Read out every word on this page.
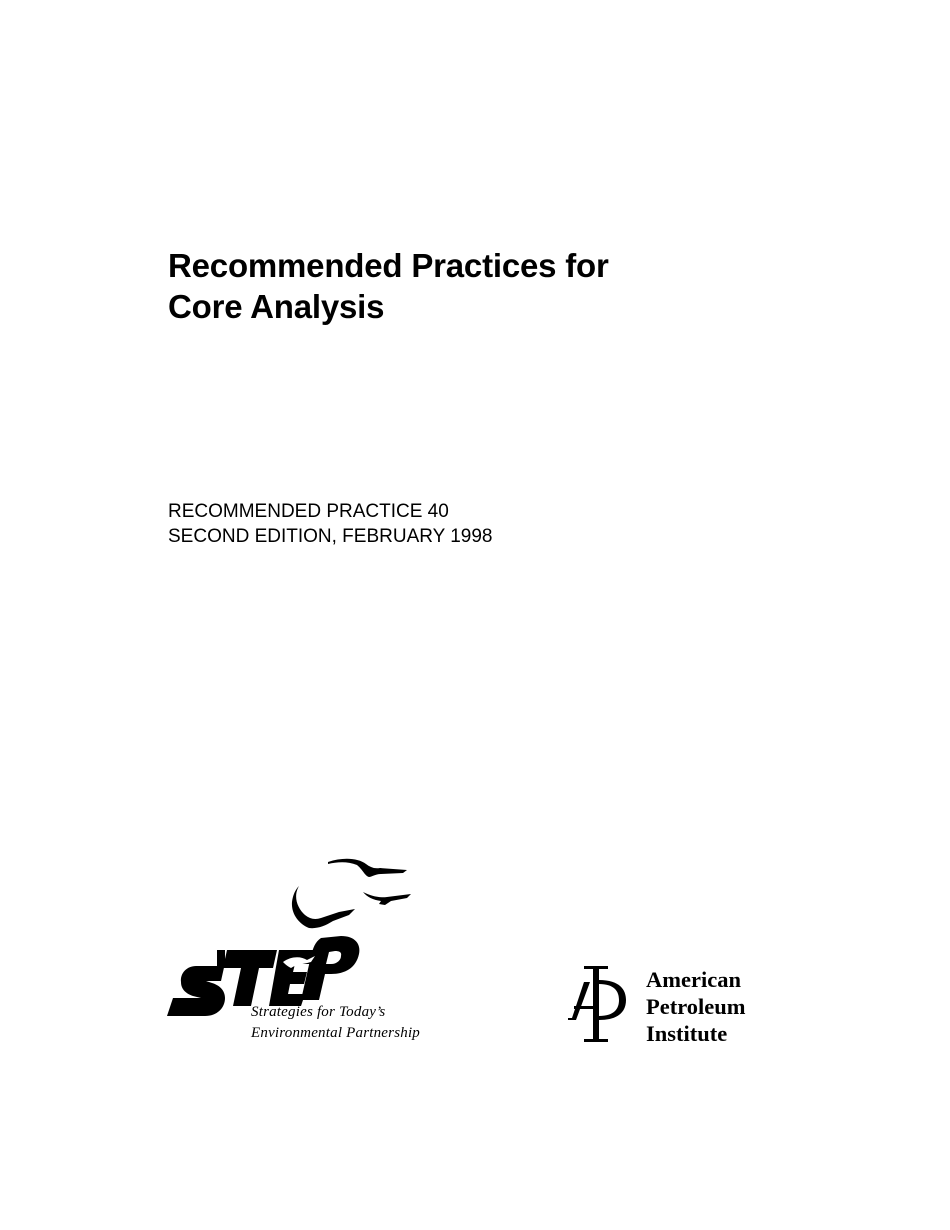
Recommended Practices for
Core Analysis
RECOMMENDED PRACTICE 40
SECOND EDITION, FEBRUARY 1998
Strategies for Today’s
Environmental Partnership
American
Petroleum
Institute
